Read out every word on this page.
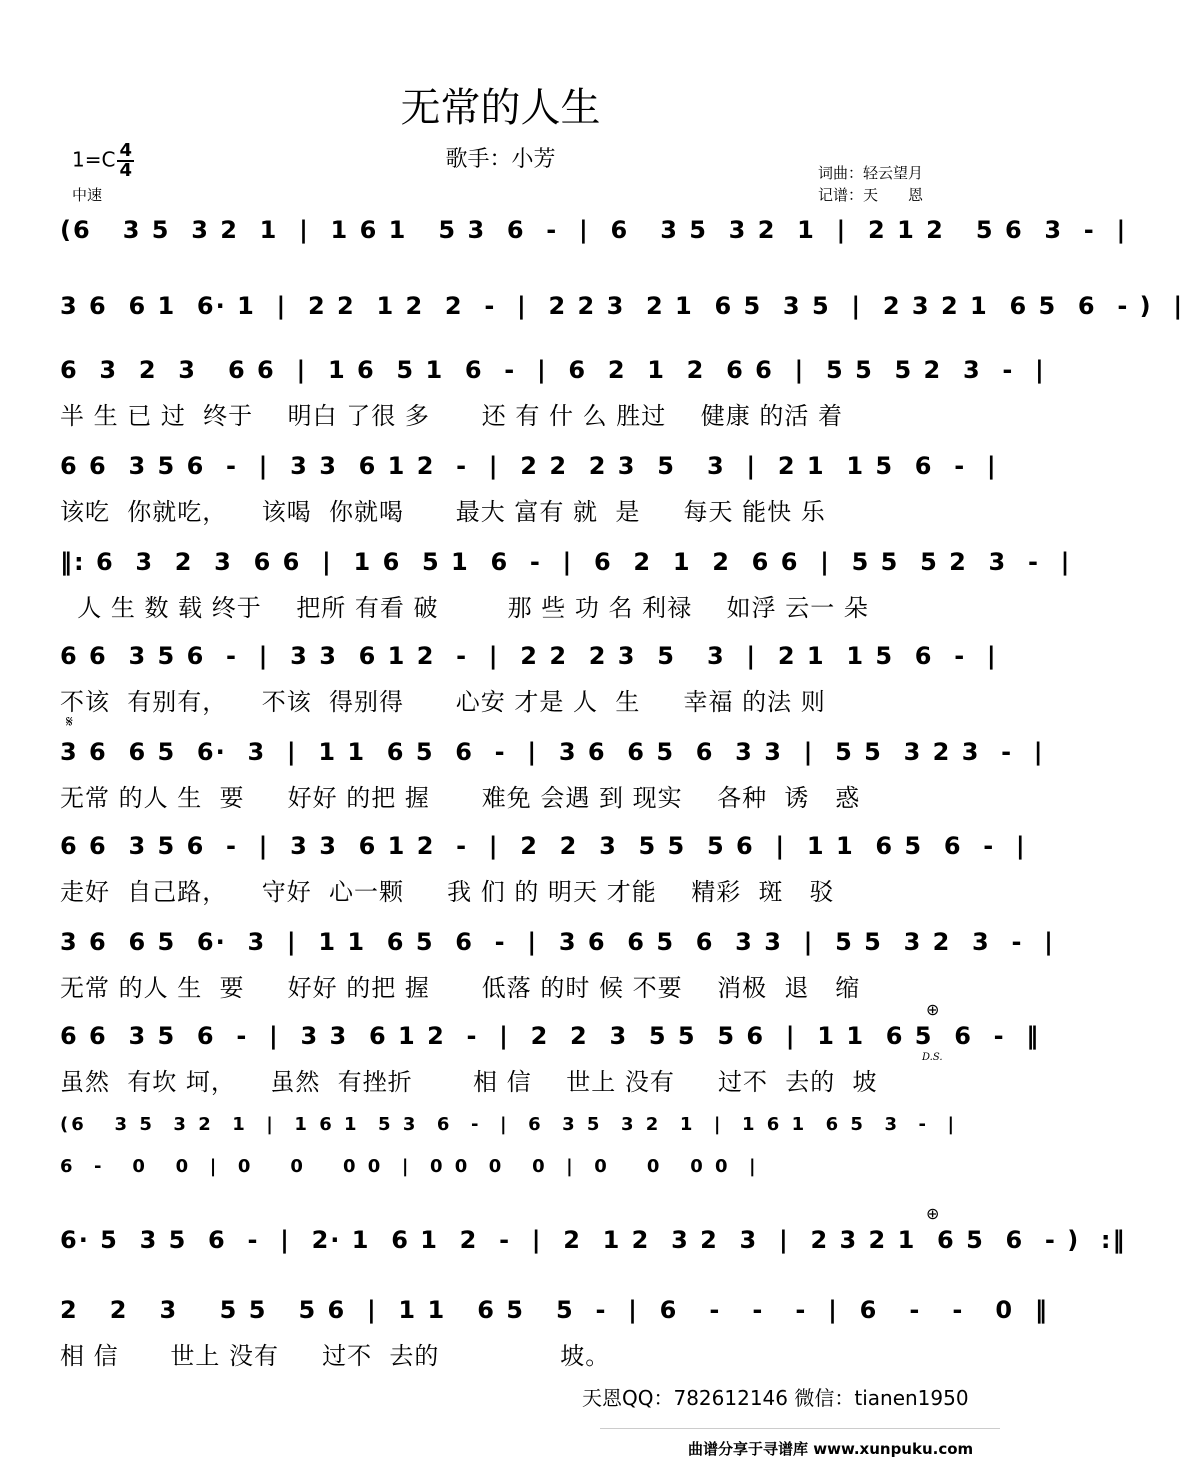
无常的人生
歌手：小芳
$1=C \frac{4}{4}$
中速
词曲：轻云望月
记谱：天　　恩
(6   3 5  3 2  1  |  1 6 1   5 3  6  -  |  6   3 5  3 2  1  |  2 1 2   5 6  3  -  |
3 6  6 1  6· 1  |  2 2  1 2  2  -  |  2 2 3  2 1  6 5  3 5  |  2 3 2 1  6 5  6  - )  |
6  3  2  3   6 6  |  1 6  5 1  6  -  |  6  2  1  2  6 6  |  5 5  5 2  3  -  |
半 生 已 过  终于    明白 了很 多      还 有 什 么 胜过    健康 的活 着
6 6  3 5 6  -  |  3 3  6 1 2  -  |  2 2  2 3  5   3  |  2 1  1 5  6  -  |
该吃  你就吃，    该喝  你就喝      最大 富有 就  是     每天 能快 乐
‖: 6  3  2  3  6 6  |  1 6  5 1  6  -  |  6  2  1  2  6 6  |  5 5  5 2  3  -  |
人 生 数 载 终于    把所 有看 破        那 些 功 名 利禄    如浮 云一 朵
6 6  3 5 6  -  |  3 3  6 1 2  -  |  2 2  2 3  5   3  |  2 1  1 5  6  -  |
不该  有别有，    不该  得别得      心安 才是 人  生     幸福 的法 则
3 6  6 5  6·  3  |  1 1  6 5  6  -  |  3 6  6 5  6  3 3  |  5 5  3 2 3  -  |
无常 的人 生  要     好好 的把 握      难免 会遇 到 现实    各种  诱   惑
6 6  3 5 6  -  |  3 3  6 1 2  -  |  2  2  3  5 5  5 6  |  1 1  6 5  6  -  |
走好  自己路，    守好  心一颗     我 们 的 明天 才能    精彩  斑   驳
3 6  6 5  6·  3  |  1 1  6 5  6  -  |  3 6  6 5  6  3 3  |  5 5  3 2  3  -  |
无常 的人 生  要     好好 的把 握      低落 的时 候 不要    消极  退   缩
6 6  3 5  6  -  |  3 3  6 1 2  -  |  2  2  3  5 5  5 6  |  1 1  6 5  6  -  ‖
虽然  有坎 坷，    虽然  有挫折       相 信    世上 没有     过不  去的  坡
(6   3 5  3 2  1  |  1 6 1  5 3  6  -  |  6  3 5  3 2  1  |  1 6 1  6 5  3  -  |
6  -   0   0  |  0    0    0 0  |  0 0  0   0  |  0    0   0 0  |
6· 5  3 5  6  -  |  2· 1  6 1  2  -  |  2  1 2  3 2  3  |  2 3 2 1  6 5  6  - )  :‖
2   2   3    5 5   5 6  |  1 1   6 5   5  -  |  6   -   -   -  |  6   -   -   0  ‖
相 信      世上 没有     过不  去的              坡。
𝄋
⊕
D.S.
⊕
天恩QQ：782612146 微信：tianen1950
曲谱分享于寻谱库 www.xunpuku.com
